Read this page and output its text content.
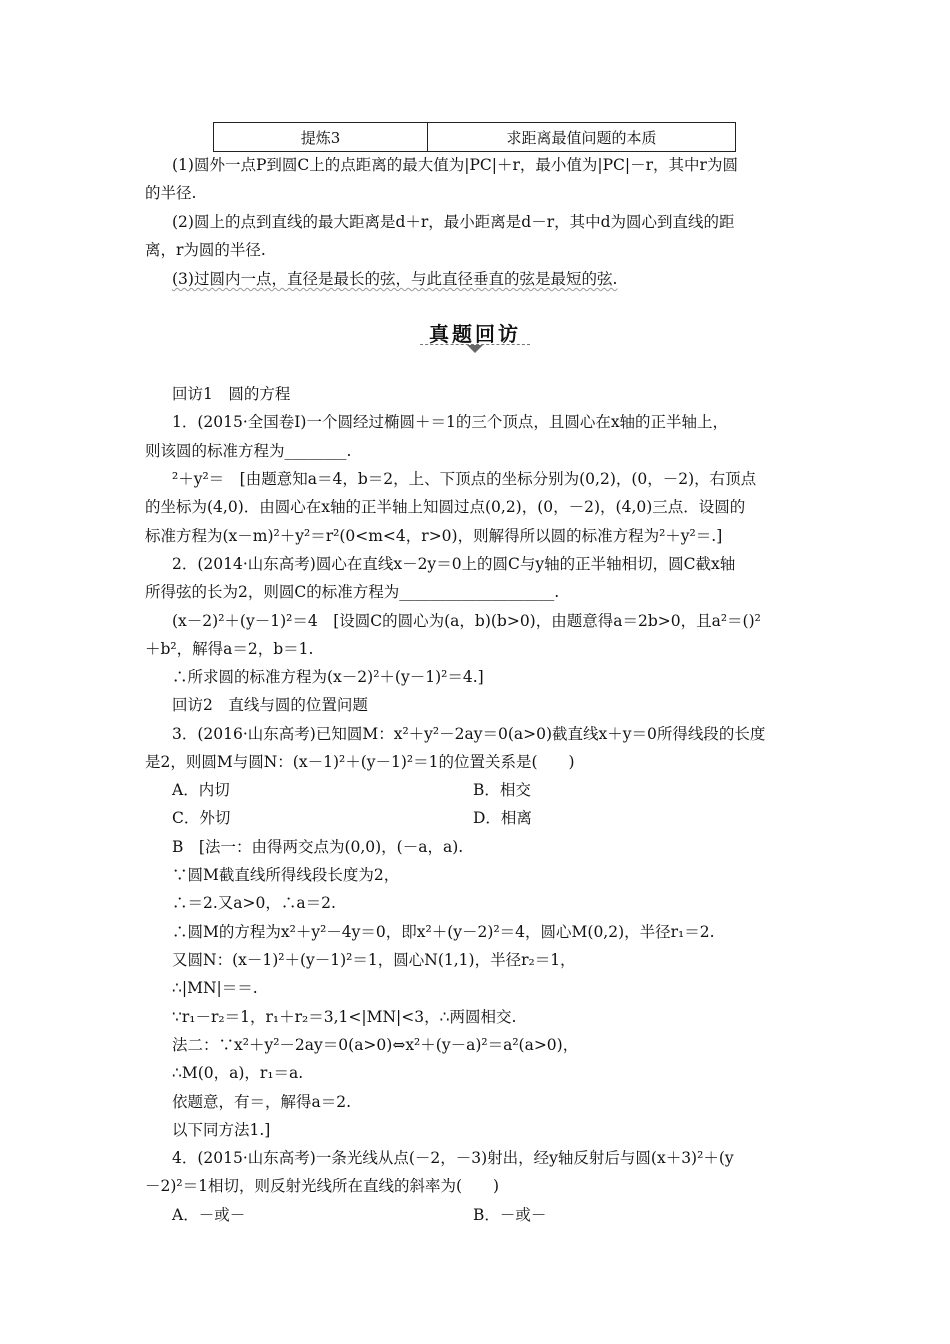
提炼3	求距离最值问题的本质
(1)圆外一点P到圆C上的点距离的最大值为|PC|＋r，最小值为|PC|－r，其中r为圆
的半径.
(2)圆上的点到直线的最大距离是d＋r，最小距离是d－r，其中d为圆心到直线的距
离，r为圆的半径.
(3)过圆内一点，直径是最长的弦，与此直径垂直的弦是最短的弦.
真题回访
回访1　圆的方程
1．(2015·全国卷Ⅰ)一个圆经过椭圆＋＝1的三个顶点，且圆心在x轴的正半轴上，
则该圆的标准方程为________.
²＋y²＝　[由题意知a＝4，b＝2，上、下顶点的坐标分别为(0,2)，(0，－2)，右顶点
的坐标为(4,0)．由圆心在x轴的正半轴上知圆过点(0,2)，(0，－2)，(4,0)三点．设圆的
标准方程为(x－m)²＋y²＝r²(0<m<4，r>0)，则解得所以圆的标准方程为²＋y²＝.]
2．(2014·山东高考)圆心在直线x－2y＝0上的圆C与y轴的正半轴相切，圆C截x轴
所得弦的长为2，则圆C的标准方程为____________________.
(x－2)²＋(y－1)²＝4　[设圆C的圆心为(a，b)(b>0)，由题意得a＝2b>0，且a²＝()²
＋b²，解得a＝2，b＝1.
∴所求圆的标准方程为(x－2)²＋(y－1)²＝4.]
回访2　直线与圆的位置问题
3．(2016·山东高考)已知圆M：x²＋y²－2ay＝0(a>0)截直线x＋y＝0所得线段的长度
是2，则圆M与圆N：(x－1)²＋(y－1)²＝1的位置关系是(　　)
A．内切	B．相交
C．外切	D．相离
B　[法一：由得两交点为(0,0)，(－a，a).
∵圆M截直线所得线段长度为2，
∴＝2.又a>0，∴a＝2.
∴圆M的方程为x²＋y²－4y＝0，即x²＋(y－2)²＝4，圆心M(0,2)，半径r₁＝2.
又圆N：(x－1)²＋(y－1)²＝1，圆心N(1,1)，半径r₂＝1，
∴|MN|＝＝.
∵r₁－r₂＝1，r₁＋r₂＝3,1<|MN|<3，∴两圆相交.
法二：∵x²＋y²－2ay＝0(a>0)⇔x²＋(y－a)²＝a²(a>0)，
∴M(0，a)，r₁＝a.
依题意，有＝，解得a＝2.
以下同方法1.]
4．(2015·山东高考)一条光线从点(－2，－3)射出，经y轴反射后与圆(x＋3)²＋(y
－2)²＝1相切，则反射光线所在直线的斜率为(　　)
A．－或－	B．－或－
